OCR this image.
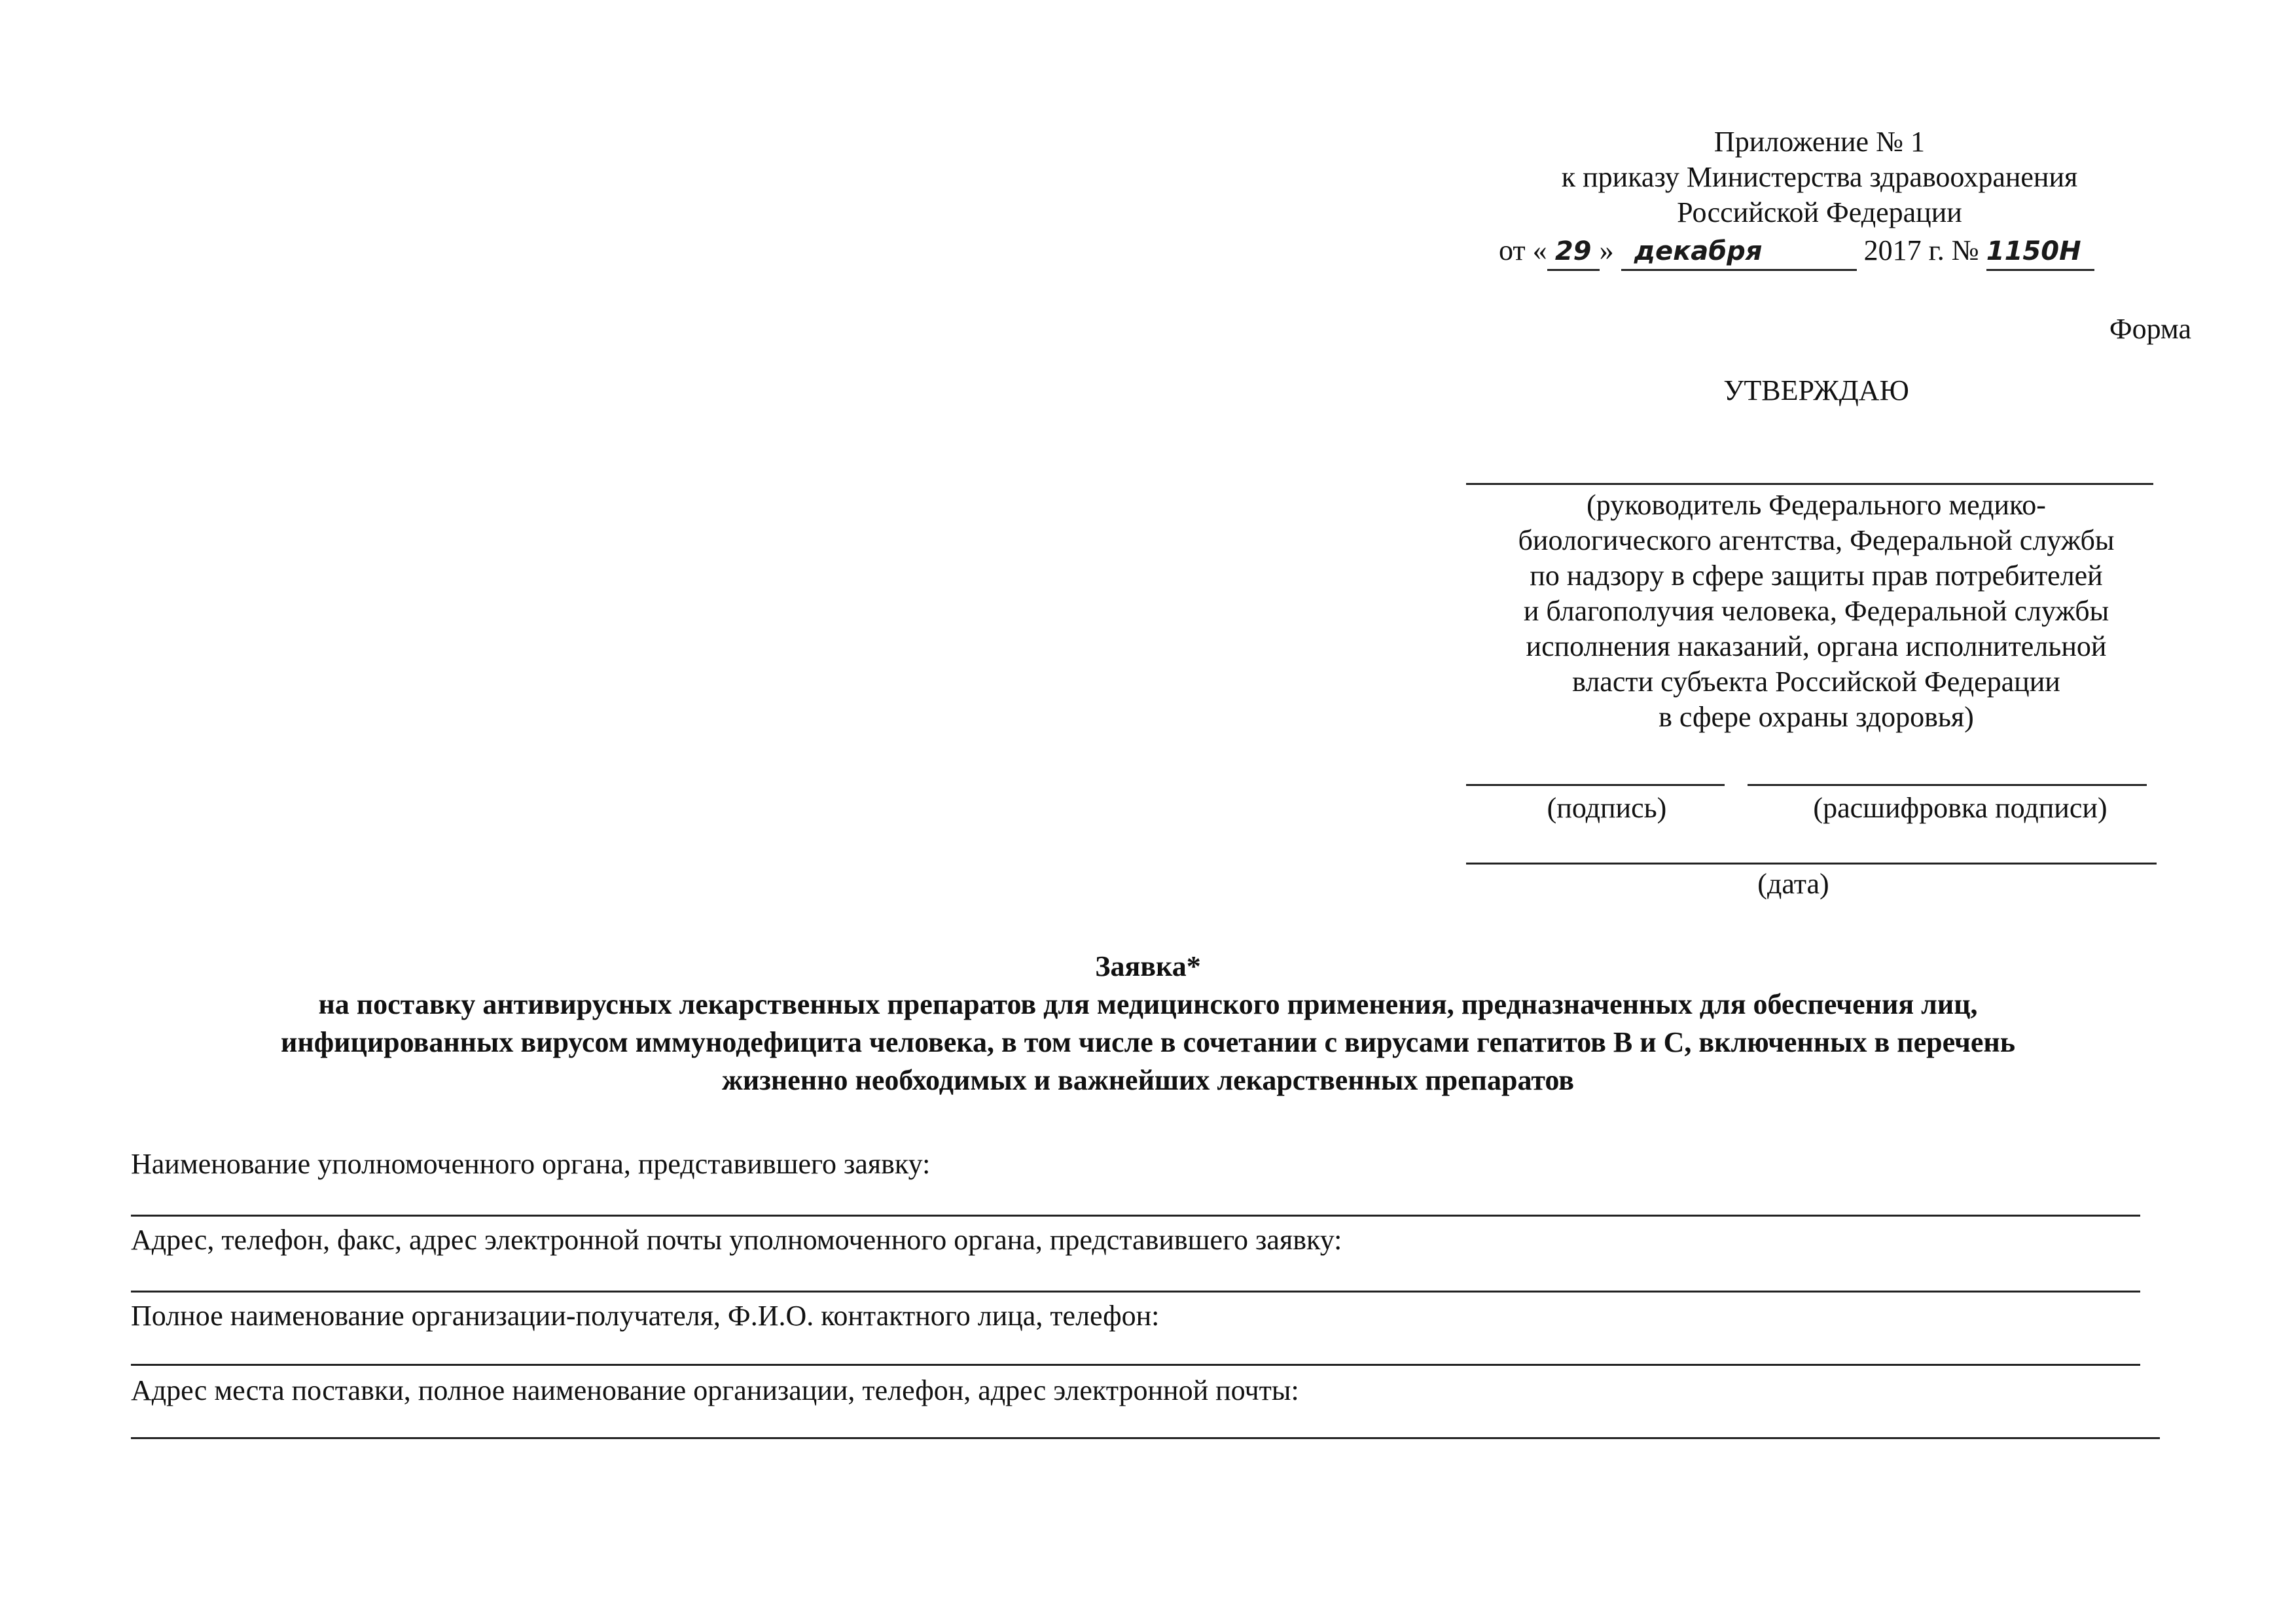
Приложение № 1
к приказу Министерства здравоохранения
Российской Федерации
от « 29 » декабря	2017 г. № 1150Н
Форма
УТВЕРЖДАЮ
(руководитель Федерального медико-
биологического агентства, Федеральной службы
по надзору в сфере защиты прав потребителей
и благополучия человека, Федеральной службы
исполнения наказаний, органа исполнительной
власти субъекта Российской Федерации
в сфере охраны здоровья)
(подпись)	(расшифровка подписи)
(дата)
Заявка*
на поставку антивирусных лекарственных препаратов для медицинского применения, предназначенных для обеспечения лиц,
инфицированных вирусом иммунодефицита человека, в том числе в сочетании с вирусами гепатитов В и С, включенных в перечень
жизненно необходимых и важнейших лекарственных препаратов
Наименование уполномоченного органа, представившего заявку:
Адрес, телефон, факс, адрес электронной почты уполномоченного органа, представившего заявку:
Полное наименование организации-получателя, Ф.И.О. контактного лица, телефон:
Адрес места поставки, полное наименование организации, телефон, адрес электронной почты:
